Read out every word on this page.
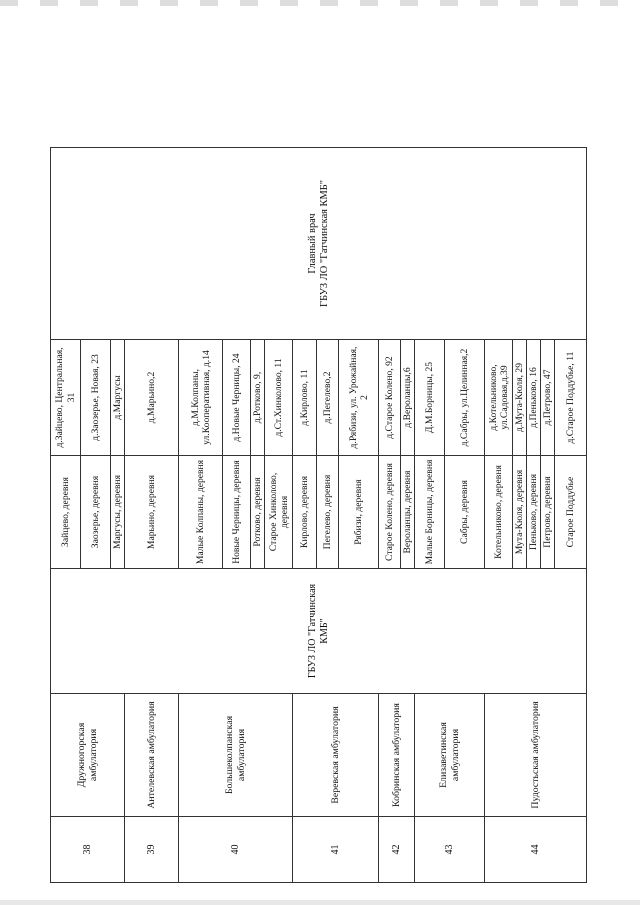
38	Дружногорская амбулатория	ГБУЗ ЛО "Гатчинская КМБ"	Зайцево, деревня	д.Зайцево, Центральная, 31	Главный врач ГБУЗ ЛО "Гатчинская КМБ"

			Заозерье, деревня	д.Заозерье, Новая, 23	
			Маргусы, деревня	д.Маргусы	
39	Антелевская амбулатория		Марьино, деревня	д.Марьино,2	
40	Большеколпанская амбулатория		Малые Колпаны, деревня	д.М.Колпаны, ул.Кооперативная, д.14	
			Новые Черницы, деревня	д.Новые Черницы, 24	
			Ротково, деревня	д.Ротково, 9,	
			Старое Хинколово, деревня	д.Ст.Хинколово, 11	
41	Веревская амбулатория		Кирлово, деревня	д.Кирлово, 11	
			Пегелево, деревня	д.Пегелево,2	
			Рябизи, деревня	д.Рябизи, ул. Урожайная, 2	
42	Кобринская амбулатория		Старое Колено, деревня	д.Старое Колено, 92	
			Вероланцы, деревня	д.Вероланцы,6	
43	Елизаветинская амбулатория		Малые Борницы, деревня	Д.М.Борницы, 25	
			Сабры, деревня	д.Сабры, ул.Целинная,2	
44	Пудостьская амбулатория		Котельниково, деревня	д.Котельниково, ул.Садовая,д.39	
			Мута-Кюля, деревня	д.Мута-Кюля, 29	
			Пеньково, деревня	д.Пеньково, 16	
			Петрово, деревня	д.Петрово, 47	
			Старое Поддубье	д.Старое Поддубье, 11	
